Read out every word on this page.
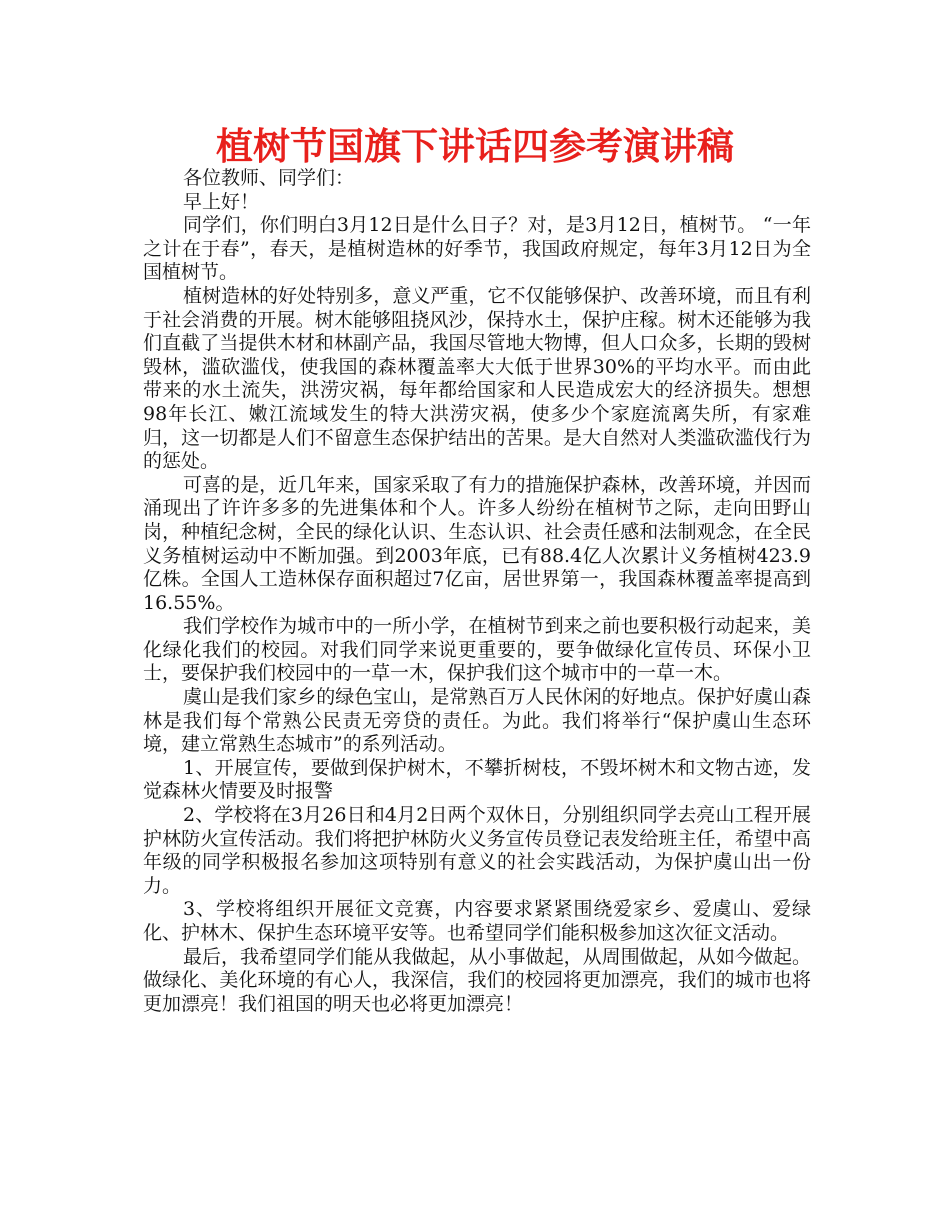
植树节国旗下讲话四参考演讲稿

各位教师、同学们：

早上好！

同学们，你们明白3月12日是什么日子？对，是3月12日，植树节。 “一年之计在于春”，春天，是植树造林的好季节，我国政府规定，每年3月12日为全国植树节。

植树造林的好处特别多，意义严重，它不仅能够保护、改善环境，而且有利于社会消费的开展。树木能够阻挠风沙，保持水土，保护庄稼。树木还能够为我们直截了当提供木材和林副产品，我国尽管地大物博，但人口众多，长期的毁树毁林，滥砍滥伐，使我国的森林覆盖率大大低于世界30%的平均水平。而由此带来的水土流失，洪涝灾祸，每年都给国家和人民造成宏大的经济损失。想想98年长江、嫩江流域发生的特大洪涝灾祸，使多少个家庭流离失所，有家难归，这一切都是人们不留意生态保护结出的苦果。是大自然对人类滥砍滥伐行为的惩处。

可喜的是，近几年来，国家采取了有力的措施保护森林，改善环境，并因而涌现出了许许多多的先进集体和个人。许多人纷纷在植树节之际，走向田野山岗，种植纪念树，全民的绿化认识、生态认识、社会责任感和法制观念，在全民义务植树运动中不断加强。到2003年底，已有88.4亿人次累计义务植树423.9亿株。全国人工造林保存面积超过7亿亩，居世界第一，我国森林覆盖率提高到16.55%。

我们学校作为城市中的一所小学，在植树节到来之前也要积极行动起来，美化绿化我们的校园。对我们同学来说更重要的，要争做绿化宣传员、环保小卫士，要保护我们校园中的一草一木，保护我们这个城市中的一草一木。

虞山是我们家乡的绿色宝山，是常熟百万人民休闲的好地点。保护好虞山森林是我们每个常熟公民责无旁贷的责任。为此。我们将举行“保护虞山生态环境，建立常熟生态城市”的系列活动。

1、开展宣传，要做到保护树木，不攀折树枝，不毁坏树木和文物古迹，发觉森林火情要及时报警

2、学校将在3月26日和4月2日两个双休日，分别组织同学去亮山工程开展护林防火宣传活动。我们将把护林防火义务宣传员登记表发给班主任，希望中高年级的同学积极报名参加这项特别有意义的社会实践活动，为保护虞山出一份力。

3、学校将组织开展征文竞赛，内容要求紧紧围绕爱家乡、爱虞山、爱绿化、护林木、保护生态环境平安等。也希望同学们能积极参加这次征文活动。

最后，我希望同学们能从我做起，从小事做起，从周围做起，从如今做起。做绿化、美化环境的有心人，我深信，我们的校园将更加漂亮，我们的城市也将更加漂亮！我们祖国的明天也必将更加漂亮！
